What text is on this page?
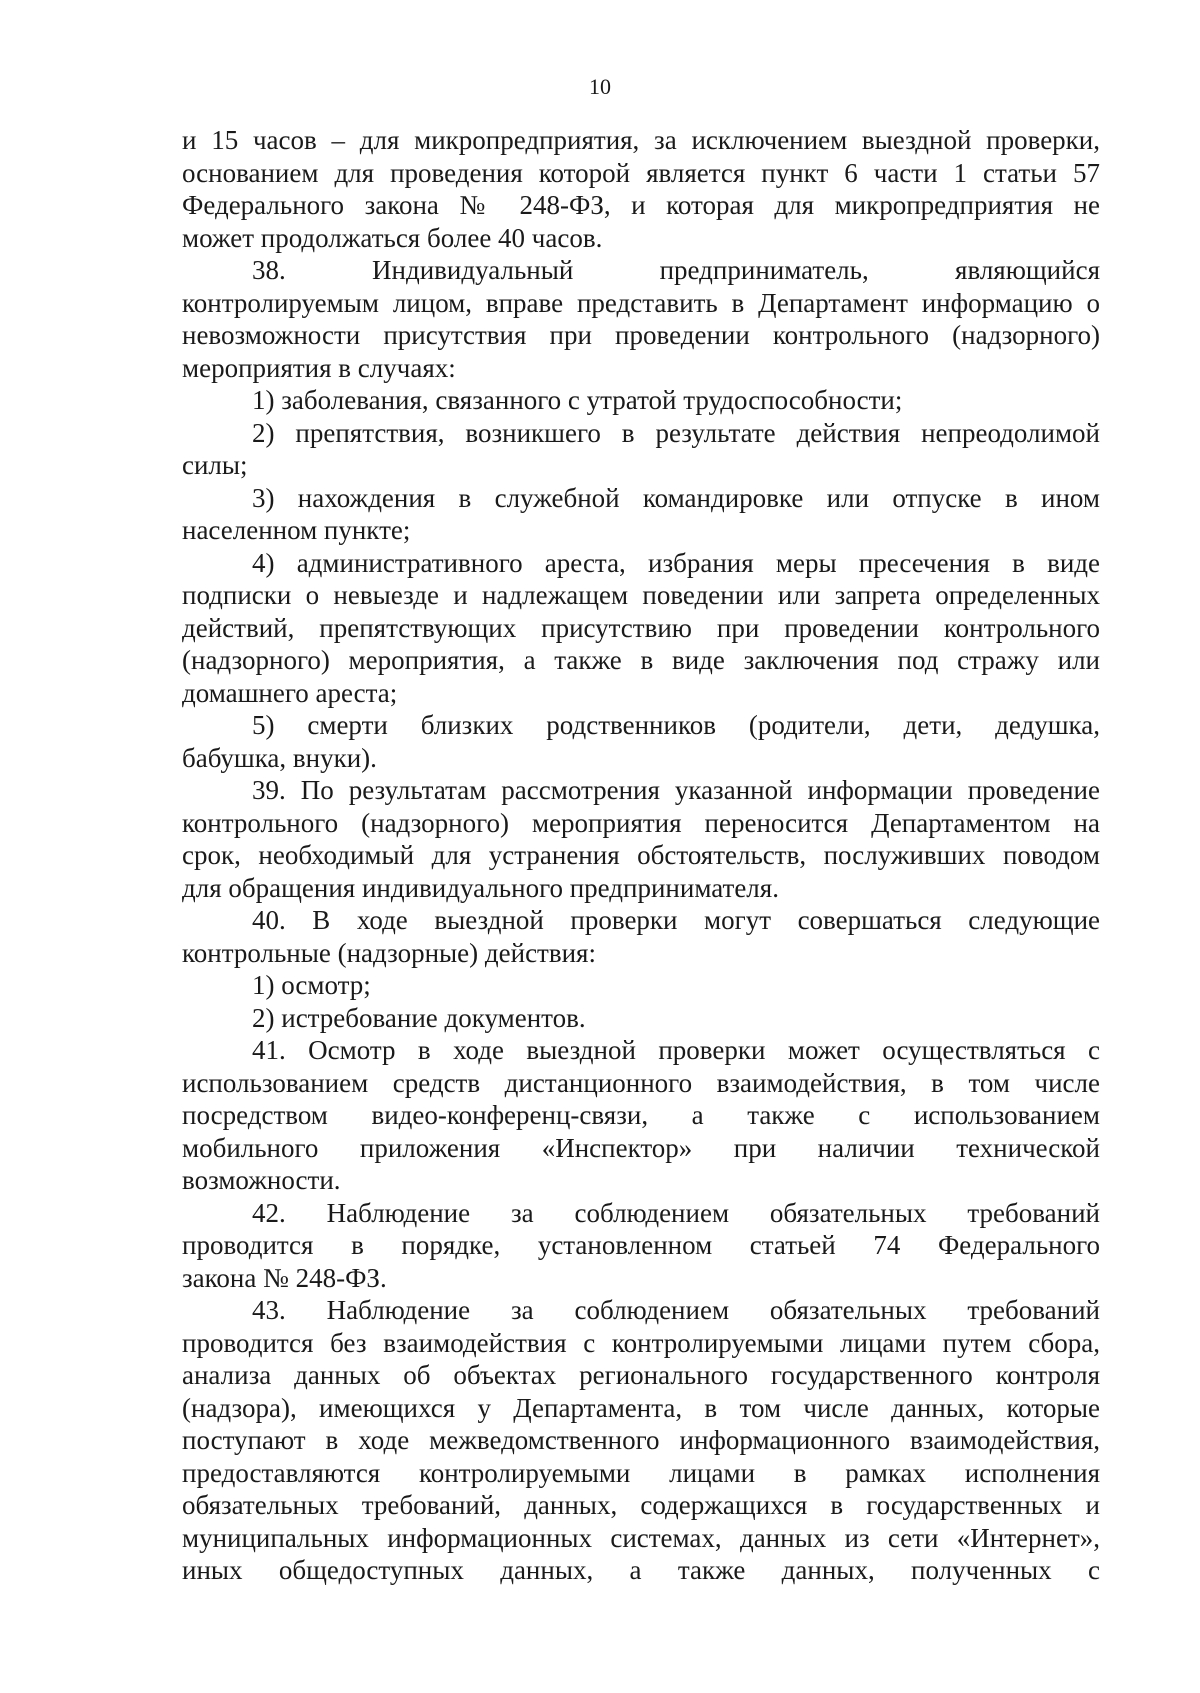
10
и 15 часов – для микропредприятия, за исключением выездной проверки,
основанием для проведения которой является пункт 6 части 1 статьи 57
Федерального закона № 248-ФЗ, и которая для микропредприятия не
может продолжаться более 40 часов.
38. Индивидуальный предприниматель, являющийся
контролируемым лицом, вправе представить в Департамент информацию о
невозможности присутствия при проведении контрольного (надзорного)
мероприятия в случаях:
1) заболевания, связанного с утратой трудоспособности;
2) препятствия, возникшего в результате действия непреодолимой
силы;
3) нахождения в служебной командировке или отпуске в ином
населенном пункте;
4) административного ареста, избрания меры пресечения в виде
подписки о невыезде и надлежащем поведении или запрета определенных
действий, препятствующих присутствию при проведении контрольного
(надзорного) мероприятия, а также в виде заключения под стражу или
домашнего ареста;
5) смерти близких родственников (родители, дети, дедушка,
бабушка, внуки).
39. По результатам рассмотрения указанной информации проведение
контрольного (надзорного) мероприятия переносится Департаментом на
срок, необходимый для устранения обстоятельств, послуживших поводом
для обращения индивидуального предпринимателя.
40. В ходе выездной проверки могут совершаться следующие
контрольные (надзорные) действия:
1) осмотр;
2) истребование документов.
41. Осмотр в ходе выездной проверки может осуществляться с
использованием средств дистанционного взаимодействия, в том числе
посредством видео-конференц-связи, а также с использованием
мобильного приложения «Инспектор» при наличии технической
возможности.
42. Наблюдение за соблюдением обязательных требований
проводится в порядке, установленном статьей 74 Федерального
закона № 248-ФЗ.
43. Наблюдение за соблюдением обязательных требований
проводится без взаимодействия с контролируемыми лицами путем сбора,
анализа данных об объектах регионального государственного контроля
(надзора), имеющихся у Департамента, в том числе данных, которые
поступают в ходе межведомственного информационного взаимодействия,
предоставляются контролируемыми лицами в рамках исполнения
обязательных требований, данных, содержащихся в государственных и
муниципальных информационных системах, данных из сети «Интернет»,
иных общедоступных данных, а также данных, полученных с
